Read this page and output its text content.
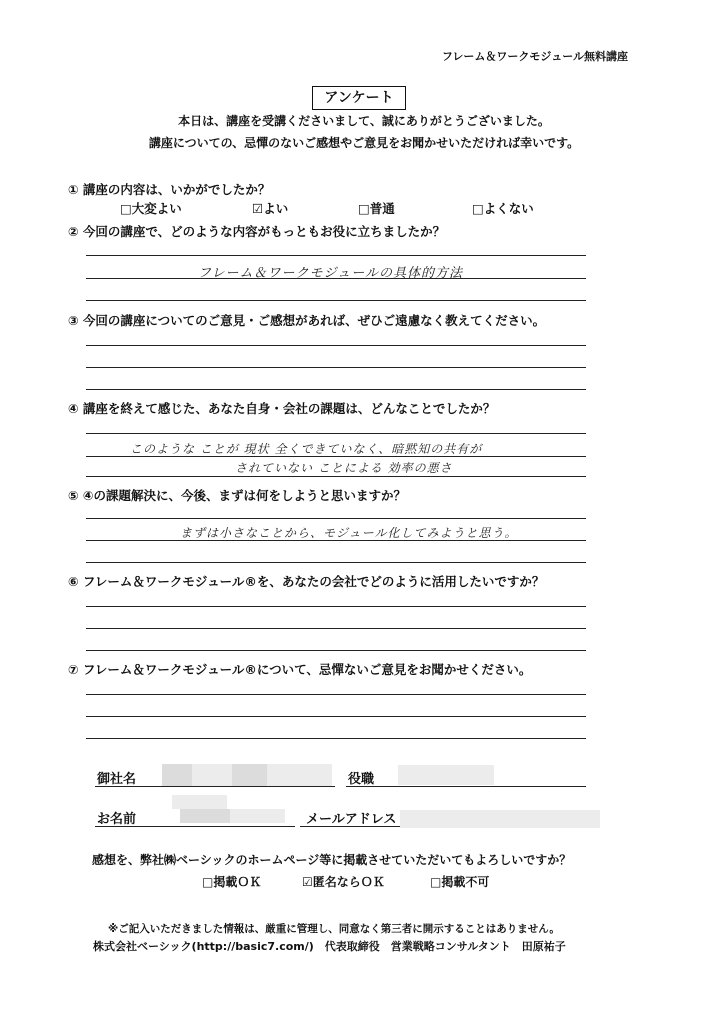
フレーム＆ワークモジュール無料講座
アンケート
本日は、講座を受講くださいまして、誠にありがとうございました。
講座についての、忌憚のないご感想やご意見をお聞かせいただければ幸いです。
① 講座の内容は、いかがでしたか？
□大変よい	☑よい	□普通	□よくない
② 今回の講座で、どのような内容がもっともお役に立ちましたか？
フレーム＆ワークモジュールの具体的方法
③ 今回の講座についてのご意見・ご感想があれば、ぜひご遠慮なく教えてください。
④ 講座を終えて感じた、あなた自身・会社の課題は、どんなことでしたか？
このような ことが 現状 全くできていなく、暗黙知の共有が
されていない ことによる 効率の悪さ
⑤ ④の課題解決に、今後、まずは何をしようと思いますか？
まずは小さなことから、モジュール化してみようと思う。
⑥ フレーム＆ワークモジュール®を、あなたの会社でどのように活用したいですか？
⑦ フレーム＆ワークモジュール®について、忌憚ないご意見をお聞かせください。
御社名	役職
お名前	メールアドレス
感想を、弊社㈱ベーシックのホームページ等に掲載させていただいてもよろしいですか？
□掲載ＯＫ	☑匿名ならＯＫ	□掲載不可
※ご記入いただきました情報は、厳重に管理し、同意なく第三者に開示することはありません。
株式会社ベーシック(http://basic7.com/)　代表取締役　営業戦略コンサルタント　田原祐子
